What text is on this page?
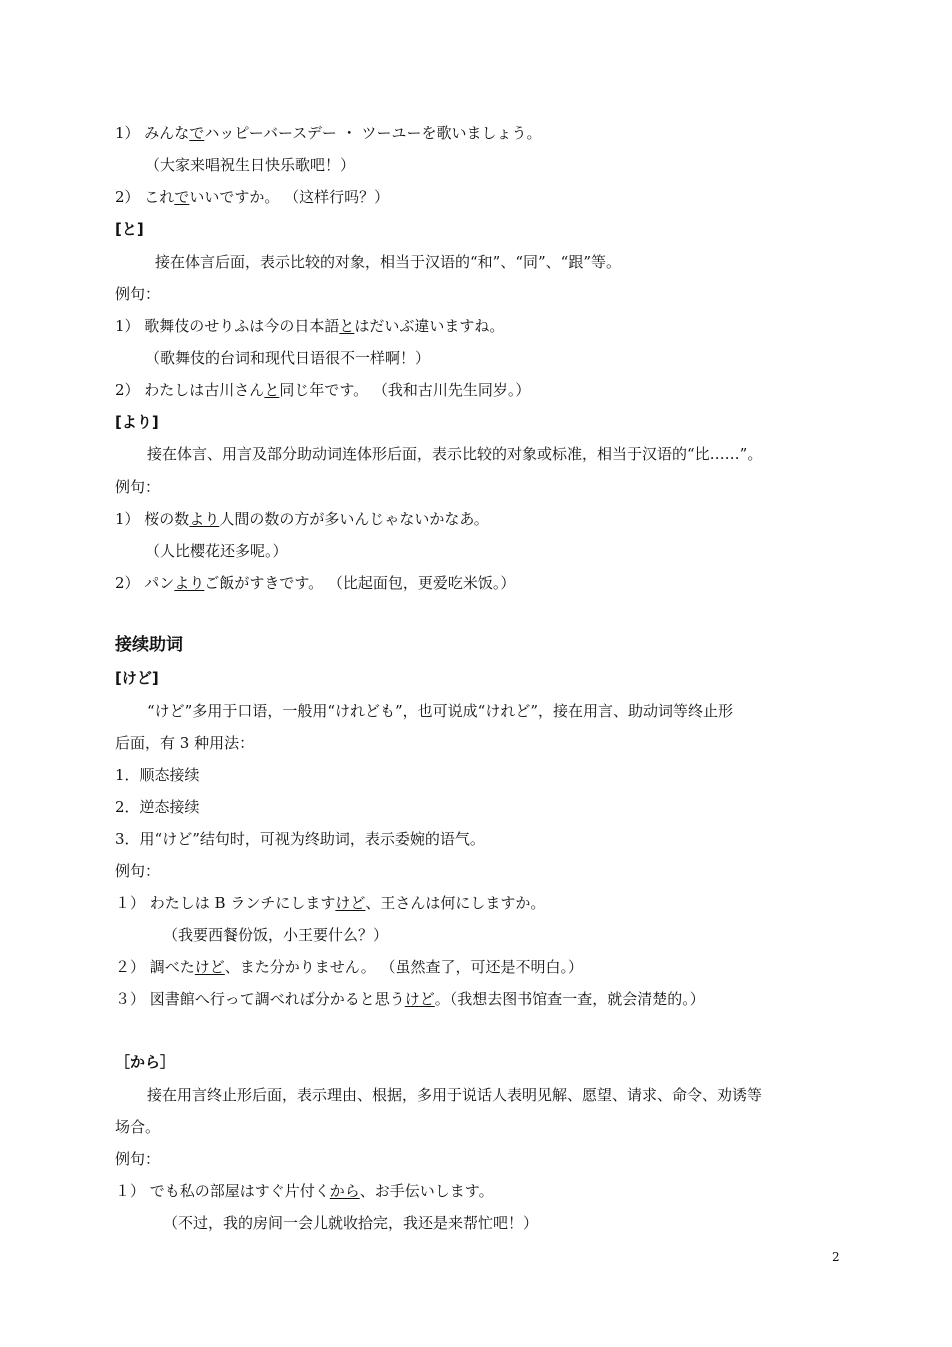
1） みんなでハッピーバースデー ・ ツーユーを歌いましょう。
（大家来唱祝生日快乐歌吧！）
2） これでいいですか。 （这样行吗？）
[と]
接在体言后面，表示比较的对象，相当于汉语的“和”、“同”、“跟”等。
例句：
1） 歌舞伎のせりふは今の日本語とはだいぶ違いますね。
（歌舞伎的台词和现代日语很不一样啊！）
2） わたしは古川さんと同じ年です。 （我和古川先生同岁。）
[より]
接在体言、用言及部分助动词连体形后面，表示比较的对象或标准，相当于汉语的“比……”。
例句：
1） 桜の数より人間の数の方が多いんじゃないかなあ。
（人比樱花还多呢。）
2） パンよりご飯がすきです。 （比起面包，更爱吃米饭。）
接续助词
[けど]
“けど”多用于口语，一般用“けれども”，也可说成“けれど”，接在用言、助动词等终止形
后面，有 3 种用法：
1．顺态接续
2．逆态接续
3．用“けど”结句时，可视为终助词，表示委婉的语气。
例句：
１） わたしは B ランチにしますけど、王さんは何にしますか。
（我要西餐份饭，小王要什么？）
２） 調べたけど、また分かりません。 （虽然查了，可还是不明白。）
３） 図書館へ行って調べれば分かると思うけど。（我想去图书馆查一查，就会清楚的。）
［から］
接在用言终止形后面，表示理由、根据，多用于说话人表明见解、愿望、请求、命令、劝诱等
场合。
例句：
１） でも私の部屋はすぐ片付くから、お手伝いします。
（不过，我的房间一会儿就收拾完，我还是来帮忙吧！）
2
